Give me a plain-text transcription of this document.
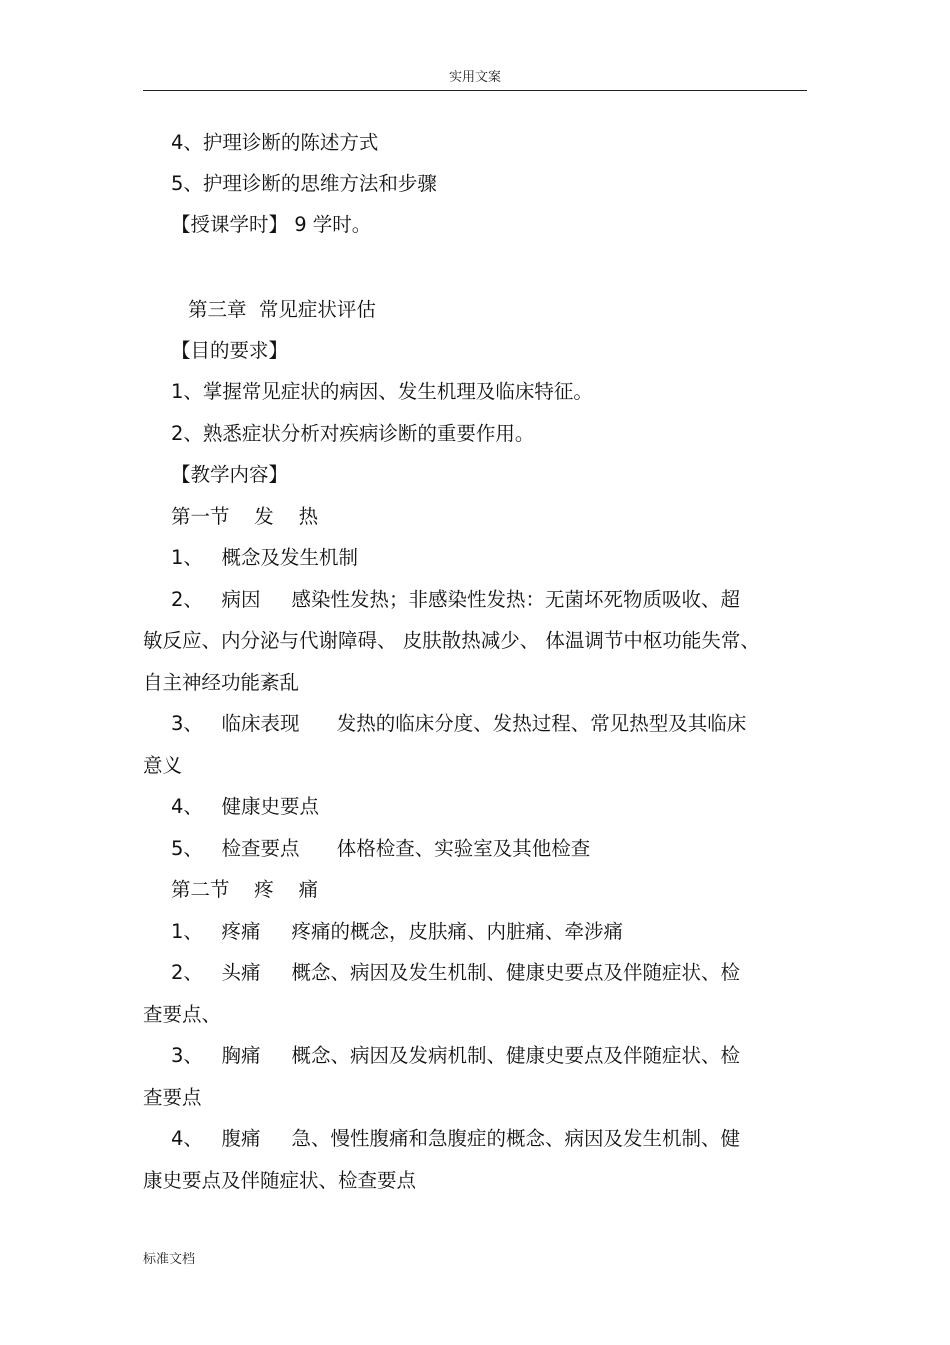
实用文案
4、护理诊断的陈述方式
5、护理诊断的思维方法和步骤
【授课学时】 9 学时。
第三章  常见症状评估
【目的要求】
1、掌握常见症状的病因、发生机理及临床特征。
2、熟悉症状分析对疾病诊断的重要作用。
【教学内容】
第一节    发    热
1、   概念及发生机制
2、   病因     感染性发热；非感染性发热：无菌坏死物质吸收、超
敏反应、内分泌与代谢障碍、 皮肤散热减少、 体温调节中枢功能失常、
自主神经功能紊乱
3、   临床表现      发热的临床分度、发热过程、常见热型及其临床
意义
4、   健康史要点
5、   检查要点      体格检查、实验室及其他检查
第二节    疼    痛
1、   疼痛     疼痛的概念，皮肤痛、内脏痛、牵涉痛
2、   头痛     概念、病因及发生机制、健康史要点及伴随症状、检
查要点、
3、   胸痛     概念、病因及发病机制、健康史要点及伴随症状、检
查要点
4、   腹痛     急、慢性腹痛和急腹症的概念、病因及发生机制、健
康史要点及伴随症状、检查要点
标准文档
